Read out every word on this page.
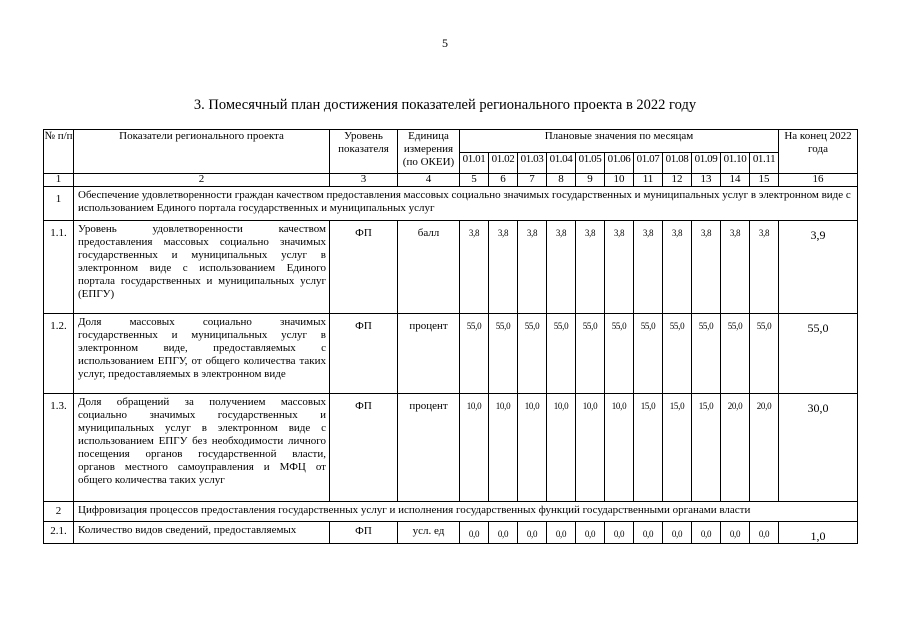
5
3. Помесячный план достижения показателей регионального проекта в 2022 году
№ п/п	Показатели регионального проекта	Уровень показателя	Единица измерения (по ОКЕИ)	Плановые значения по месяцам											На конец 2022 года
				01.01	01.02	01.03	01.04	01.05	01.06	01.07	01.08	01.09	01.10	01.11	
1	2	3	4	5	6	7	8	9	10	11	12	13	14	15	16
1	Обеспечение удовлетворенности граждан качеством предоставления массовых социально значимых государственных и муниципальных услуг в электронном виде с использованием Единого портала государственных и муниципальных услуг														
1.1.	Уровень удовлетворенности качеством предоставления массовых социально значимых государственных и муниципальных услуг в электронном виде с использованием Единого портала государственных и муниципальных услуг (ЕПГУ)	ФП	балл	3,8	3,8	3,8	3,8	3,8	3,8	3,8	3,8	3,8	3,8	3,8	3,9
1.2.	Доля массовых социально значимых государственных и муниципальных услуг в электронном виде, предоставляемых с использованием ЕПГУ, от общего количества таких услуг, предоставляемых в электронном виде	ФП	процент	55,0	55,0	55,0	55,0	55,0	55,0	55,0	55,0	55,0	55,0	55,0	55,0
1.3.	Доля обращений за получением массовых социально значимых государственных и муниципальных услуг в электронном виде с использованием ЕПГУ без необходимости личного посещения органов государственной власти, органов местного самоуправления и МФЦ от общего количества таких услуг	ФП	процент	10,0	10,0	10,0	10,0	10,0	10,0	15,0	15,0	15,0	20,0	20,0	30,0
2	Цифровизация процессов предоставления государственных услуг и исполнения государственных функций государственными органами власти														
2.1.	Количество видов сведений, предоставляемых	ФП	усл. ед	0,0	0,0	0,0	0,0	0,0	0,0	0,0	0,0	0,0	0,0	0,0	1,0
